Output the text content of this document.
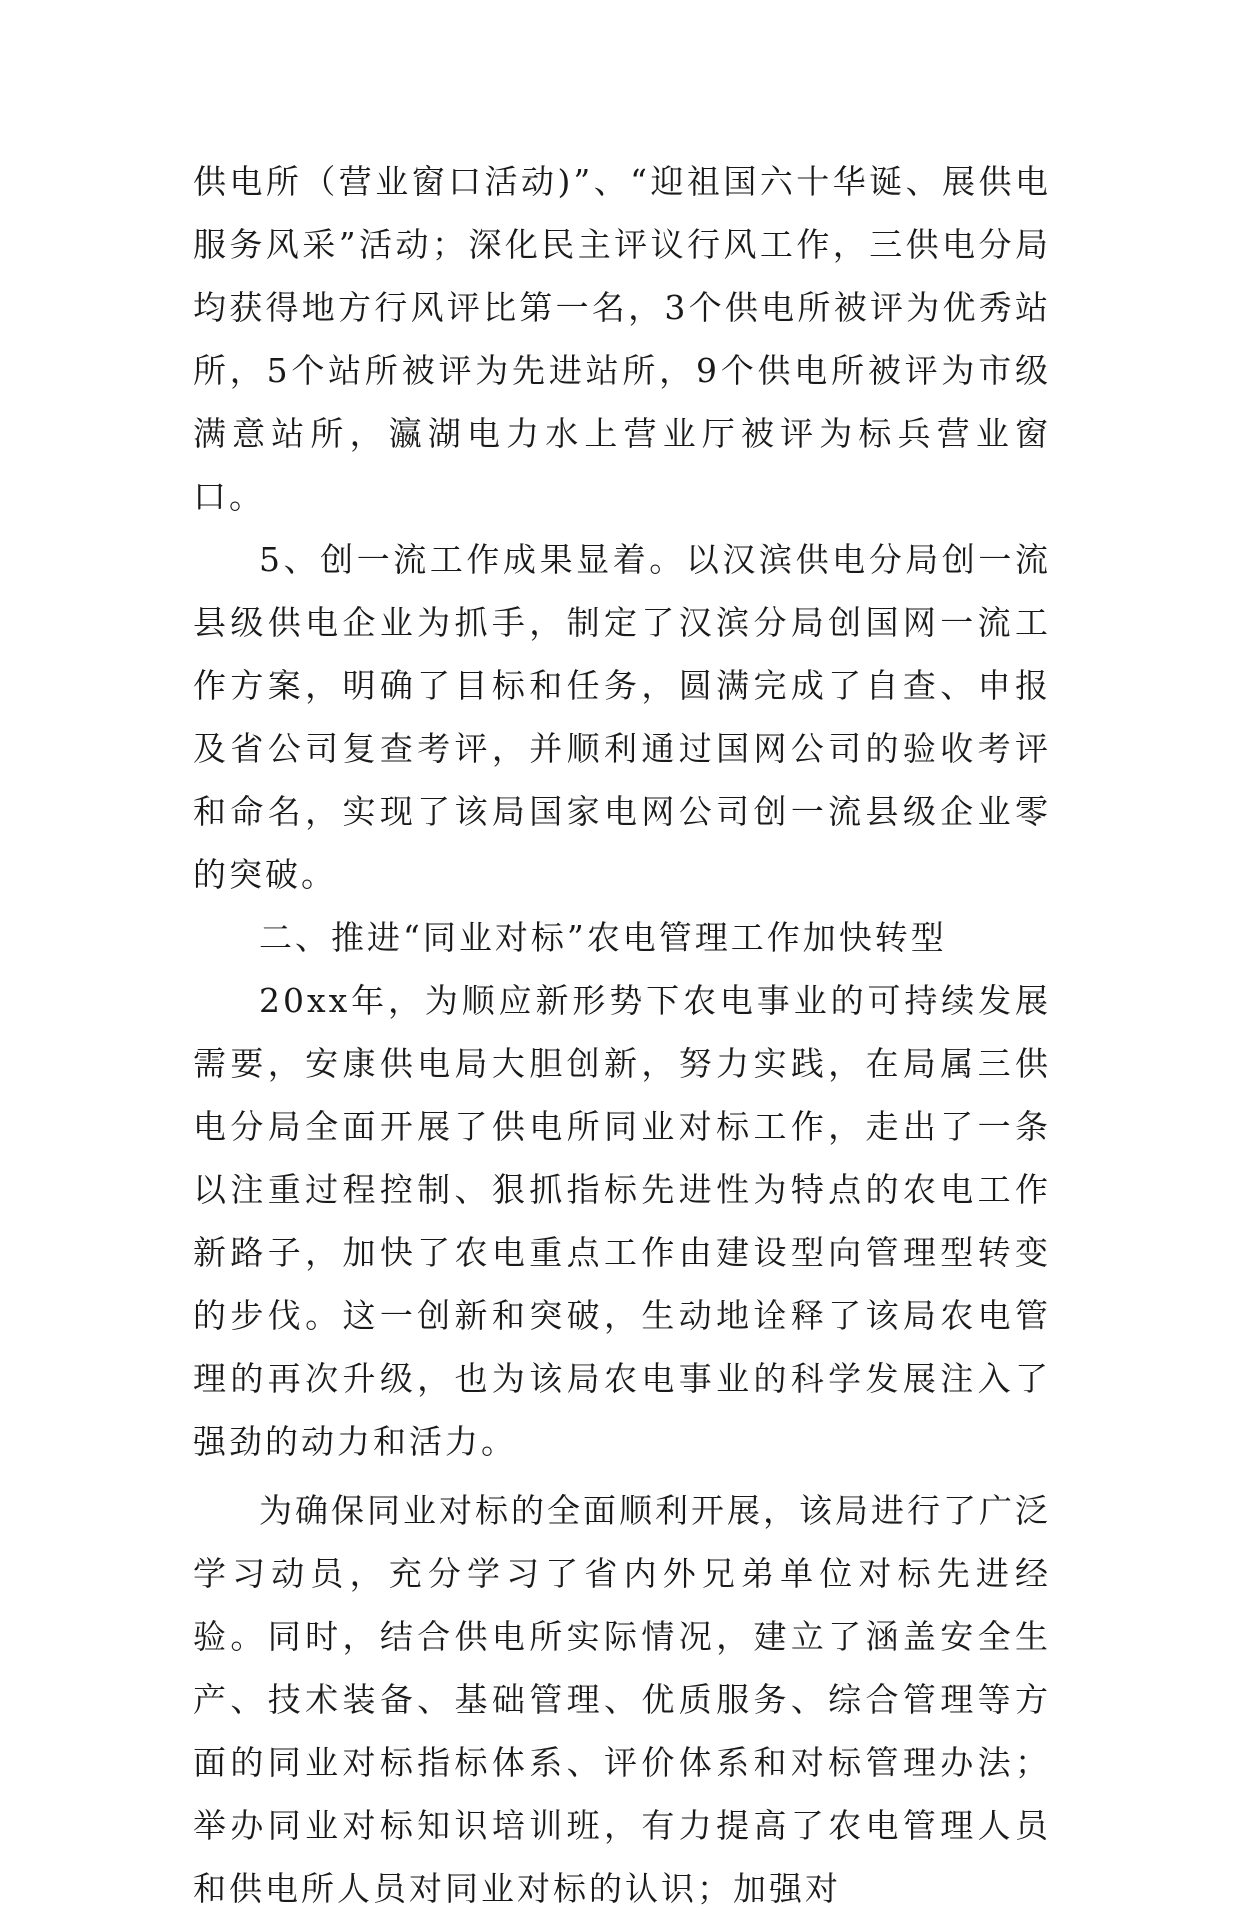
供电所（营业窗口活动)”、“迎祖国六十华诞、展供电服务风采”活动；深化民主评议行风工作，三供电分局均获得地方行风评比第一名，3个供电所被评为优秀站所，5个站所被评为先进站所，9个供电所被评为市级满意站所，瀛湖电力水上营业厅被评为标兵营业窗口。

5、创一流工作成果显着。以汉滨供电分局创一流县级供电企业为抓手，制定了汉滨分局创国网一流工作方案，明确了目标和任务，圆满完成了自查、申报及省公司复查考评，并顺利通过国网公司的验收考评和命名，实现了该局国家电网公司创一流县级企业零的突破。

二、推进“同业对标”农电管理工作加快转型

20xx年，为顺应新形势下农电事业的可持续发展需要，安康供电局大胆创新，努力实践，在局属三供电分局全面开展了供电所同业对标工作，走出了一条以注重过程控制、狠抓指标先进性为特点的农电工作新路子，加快了农电重点工作由建设型向管理型转变的步伐。这一创新和突破，生动地诠释了该局农电管理的再次升级，也为该局农电事业的科学发展注入了强劲的动力和活力。

为确保同业对标的全面顺利开展，该局进行了广泛学习动员，充分学习了省内外兄弟单位对标先进经验。同时，结合供电所实际情况，建立了涵盖安全生产、技术装备、基础管理、优质服务、综合管理等方面的同业对标指标体系、评价体系和对标管理办法；举办同业对标知识培训班，有力提高了农电管理人员和供电所人员对同业对标的认识；加强对
